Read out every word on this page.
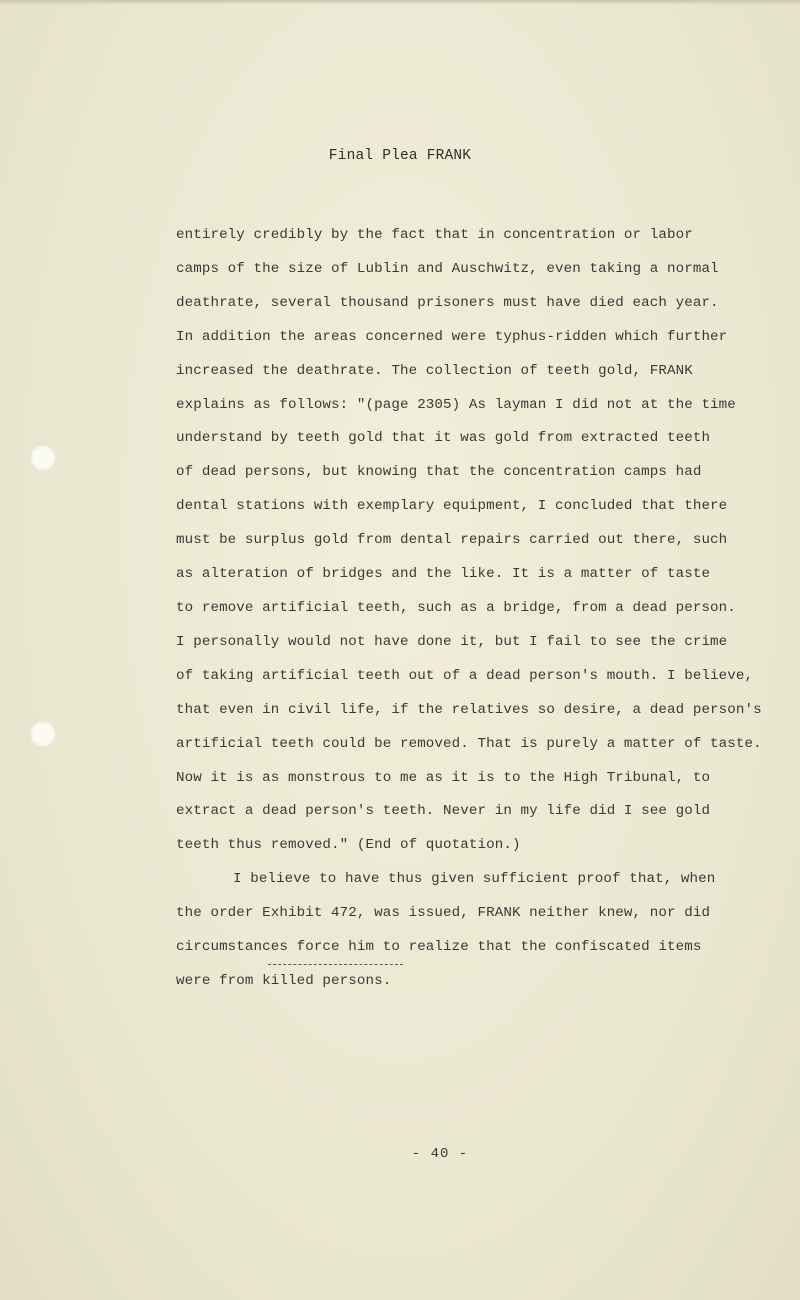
Final Plea FRANK
entirely credibly by the fact that in concentration or labor
camps of the size of Lublin and Auschwitz, even taking a normal
deathrate, several thousand prisoners must have died each year.
In addition the areas concerned were typhus-ridden which further
increased the deathrate. The collection of teeth gold, FRANK
explains as follows: "(page 2305) As layman I did not at the time
understand by teeth gold that it was gold from extracted teeth
of dead persons, but knowing that the concentration camps had
dental stations with exemplary equipment, I concluded that there
must be surplus gold from dental repairs carried out there, such
as alteration of bridges and the like. It is a matter of taste
to remove artificial teeth, such as a bridge, from a dead person.
I personally would not have done it, but I fail to see the crime
of taking artificial teeth out of a dead person's mouth. I believe,
that even in civil life, if the relatives so desire, a dead person's
artificial teeth could be removed. That is purely a matter of taste.
Now it is as monstrous to me as it is to the High Tribunal, to
extract a dead person's teeth. Never in my life did I see gold
teeth thus removed." (End of quotation.)
I believe to have thus given sufficient proof that, when
the order Exhibit 472, was issued, FRANK neither knew, nor did
circumstances force him to realize that the confiscated items
were from killed persons.
- 40 -
